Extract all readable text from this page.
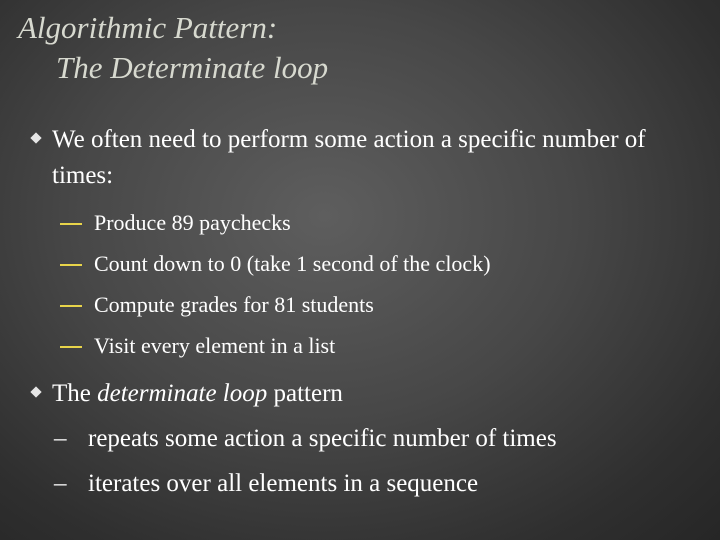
Algorithmic Pattern:
The Determinate loop
We often need to perform some action a specific number of times:
Produce 89 paychecks
Count down to 0 (take 1 second of the clock)
Compute grades for 81 students
Visit every element in a list
The determinate loop pattern
– repeats some action a specific number of times
– iterates over all elements in a sequence
